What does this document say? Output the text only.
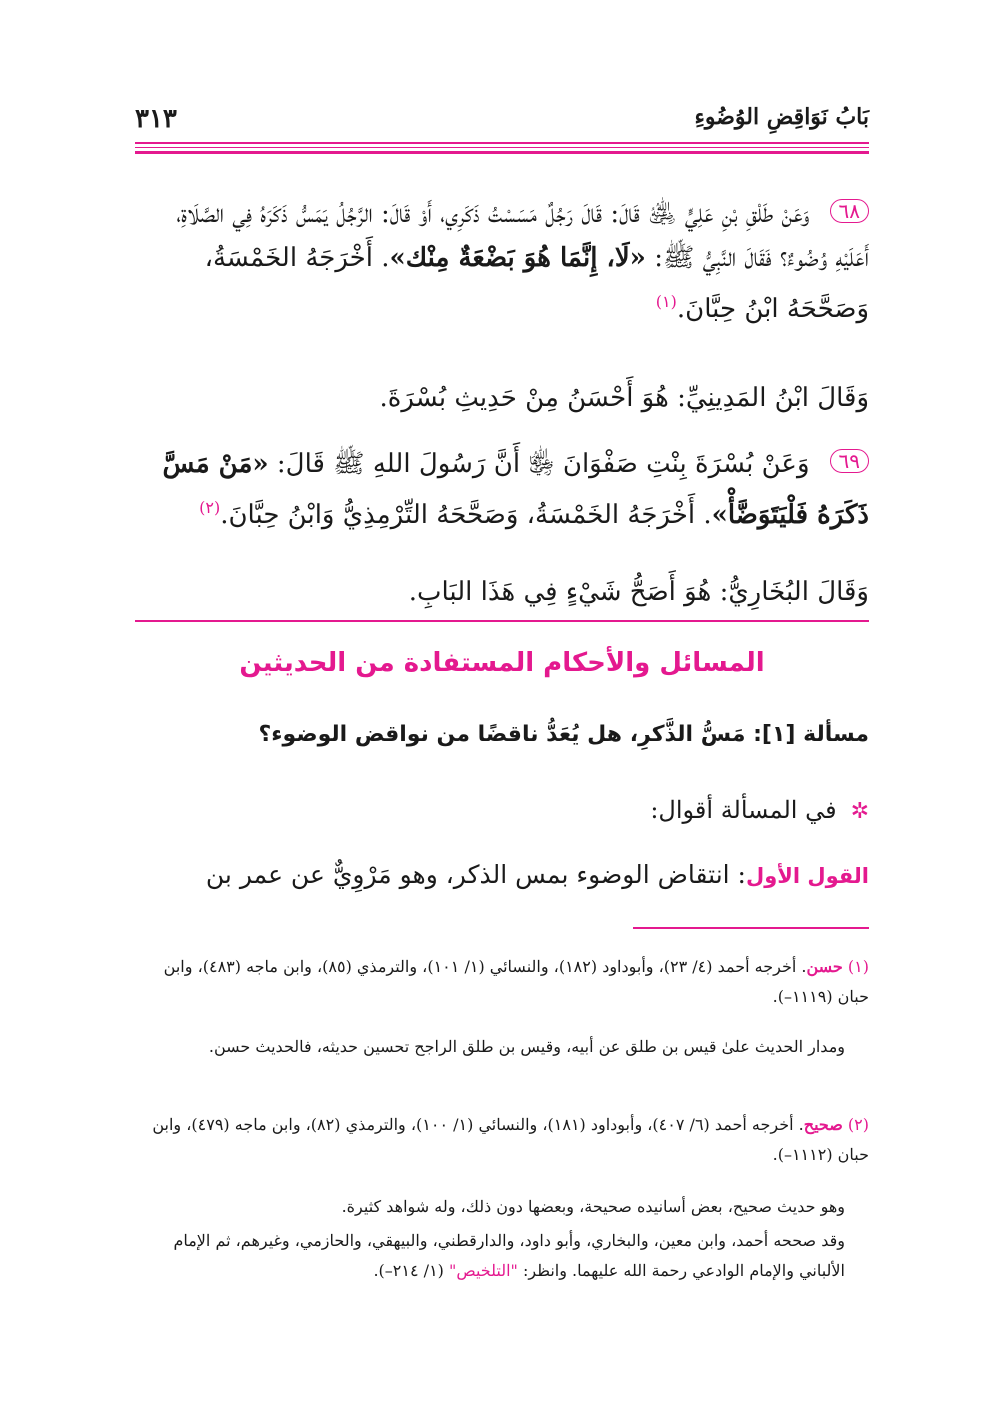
بَابُ نَوَاقِضِ الوُضُوءِ
٣١٣
٦٨وَعَنْ طَلْقِ بْنِ عَلِيٍّ ﵁ قَالَ: قَالَ رَجُلٌ مَسَسْتُ ذَكَرِي، أَوْ قَالَ: الرَّجُلُ يَمَسُّ ذَكَرَهُ فِي الصَّلَاةِ، أَعَلَيْهِ وُضُوءٌ؟ فَقَالَ النَّبِيُّ ﷺ: «لَا، إِنَّمَا هُوَ بَضْعَةٌ مِنْك». أَخْرَجَهُ الخَمْسَةُ، وَصَحَّحَهُ ابْنُ حِبَّانَ.$^{(١)}$
وَقَالَ ابْنُ المَدِينِيِّ: هُوَ أَحْسَنُ مِنْ حَدِيثِ بُسْرَةَ.
٦٩وَعَنْ بُسْرَةَ بِنْتِ صَفْوَانَ ﵂ أَنَّ رَسُولَ اللهِ ﷺ قَالَ: «مَنْ مَسَّ ذَكَرَهُ فَلْيَتَوَضَّأْ». أَخْرَجَهُ الخَمْسَةُ، وَصَحَّحَهُ التِّرْمِذِيُّ وَابْنُ حِبَّانَ.$^{(٢)}$
وَقَالَ البُخَارِيُّ: هُوَ أَصَحُّ شَيْءٍ فِي هَذَا البَابِ.
المسائل والأحكام المستفادة من الحديثين
مسألة [١]: مَسُّ الذَّكرِ، هل يُعَدُّ ناقضًا من نواقض الوضوء؟
✲في المسألة أقوال:
القول الأول: انتقاض الوضوء بمس الذكر، وهو مَرْوِيٌّ عن عمر بن
(١) حسن. أخرجه أحمد (٤/ ٢٣)، وأبوداود (١٨٢)، والنسائي (١/ ١٠١)، والترمذي (٨٥)، وابن ماجه (٤٨٣)، وابن حبان (١١١٩–).
ومدار الحديث علىٰ قيس بن طلق عن أبيه، وقيس بن طلق الراجح تحسين حديثه، فالحديث حسن.
(٢) صحيح. أخرجه أحمد (٦/ ٤٠٧)، وأبوداود (١٨١)، والنسائي (١/ ١٠٠)، والترمذي (٨٢)، وابن ماجه (٤٧٩)، وابن حبان (١١١٢–).
وهو حديث صحيح، بعض أسانيده صحيحة، وبعضها دون ذلك، وله شواهد كثيرة.
وقد صححه أحمد، وابن معين، والبخاري، وأبو داود، والدارقطني، والبيهقي، والحازمي، وغيرهم، ثم الإمام الألباني والإمام الوادعي رحمة الله عليهما. وانظر: "التلخيص" (١/ ٢١٤–).
